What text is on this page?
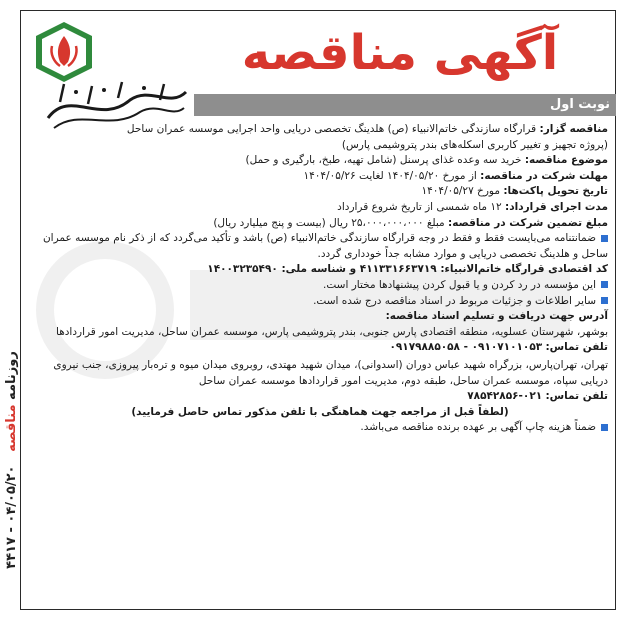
روزنامه مناقصه   ۰۴/۰۵/۲۰ - ۴۴۱۷
آگهی مناقصه
نوبت اول

مناقصه گزار: قرارگاه سازندگی خاتم‌الانبیاء (ص) هلدینگ تخصصی دریایی واحد اجرایی موسسه عمران ساحل

(پروژه تجهیز و تغییر کاربری اسکله‌های بندر پتروشیمی پارس)

موضوع مناقصه: خرید سه وعده غذای پرسنل (شامل تهیه، طبخ، بارگیری و حمل)

مهلت شرکت در مناقصه: از مورخ ۱۴۰۴/۰۵/۲۰ لغایت ۱۴۰۴/۰۵/۲۶

تاریخ تحویل پاکت‌ها: مورخ ۱۴۰۴/۰۵/۲۷

مدت اجرای قرارداد: ۱۲ ماه شمسی از تاریخ شروع قرارداد

مبلغ تضمین شرکت در مناقصه: مبلغ ۲۵،۰۰۰،۰۰۰،۰۰۰ ریال (بیست و پنج میلیارد ریال)

ضمانتنامه می‌بایست فقط و فقط در وجه قرارگاه سازندگی خاتم‌الانبیاء (ص) باشد و تأکید می‌گردد که از ذکر نام موسسه عمران ساحل و هلدینگ تخصصی دریایی و موارد مشابه جداً خودداری گردد.

کد اقتصادی قرارگاه خاتم‌الانبیاء: ۴۱۱۳۳۱۶۶۳۷۱۹ و شناسه ملی: ۱۴۰۰۳۲۳۵۴۹۰

این مؤسسه در رد کردن و یا قبول کردن پیشنهادها مختار است.

سایر اطلاعات و جزئیات مربوط در اسناد مناقصه درج شده است.

آدرس جهت دریافت و تسلیم اسناد مناقصه:

بوشهر، شهرستان عسلویه، منطقه اقتصادی پارس جنوبی، بندر پتروشیمی پارس، موسسه عمران ساحل، مدیریت امور قراردادها

تلفن تماس: ۰۹۱۰۷۱۰۱۰۵۳ - ۰۹۱۷۹۸۸۵۰۵۸

تهران، تهران‌پارس، بزرگراه شهید عباس دوران (اسدوانی)، میدان شهید مهتدی، روبروی میدان میوه و تره‌بار پیروزی، جنب نیروی دریایی سپاه، موسسه عمران ساحل، طبقه دوم، مدیریت امور قراردادها موسسه عمران ساحل

تلفن تماس: ۰۲۱-۷۸۵۴۲۸۵۶

(لطفاً قبل از مراجعه جهت هماهنگی با تلفن مذکور تماس حاصل فرمایید)

ضمناً هزینه چاپ آگهی بر عهده برنده مناقصه می‌باشد.
